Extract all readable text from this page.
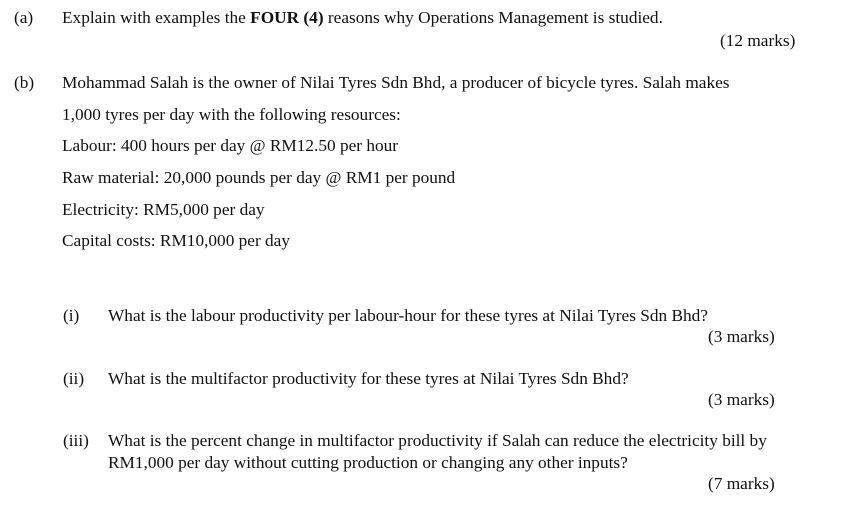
(a) Explain with examples the FOUR (4) reasons why Operations Management is studied.
(12 marks)
(b) Mohammad Salah is the owner of Nilai Tyres Sdn Bhd, a producer of bicycle tyres. Salah makes
1,000 tyres per day with the following resources:
Labour: 400 hours per day @ RM12.50 per hour
Raw material: 20,000 pounds per day @ RM1 per pound
Electricity: RM5,000 per day
Capital costs: RM10,000 per day
(i) What is the labour productivity per labour-hour for these tyres at Nilai Tyres Sdn Bhd?
(3 marks)
(ii) What is the multifactor productivity for these tyres at Nilai Tyres Sdn Bhd?
(3 marks)
(iii) What is the percent change in multifactor productivity if Salah can reduce the electricity bill by
RM1,000 per day without cutting production or changing any other inputs?
(7 marks)
